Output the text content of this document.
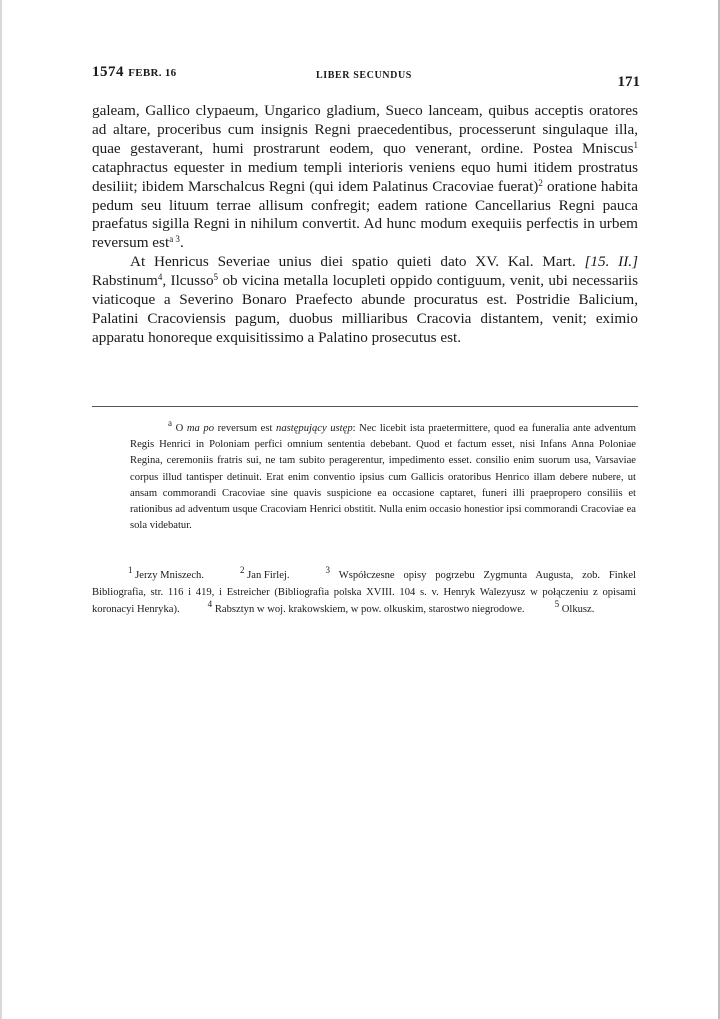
1574 FEBR. 16	LIBER SECUNDUS	171

galeam, Gallico clypaeum, Ungarico gladium, Sueco lanceam, quibus acceptis oratores ad altare, proceribus cum insignis Regni praecedentibus, processerunt singulaque illa, quae gestaverant, humi prostrarunt eodem, quo venerant, ordine. Postea Mniscus$^1$ cataphractus equester in medium templi interioris veniens equo humi itidem prostratus desiliit; ibidem Marschalcus Regni (qui idem Palatinus Cracoviae fuerat)$^2$ oratione habita pedum seu lituum terrae allisum confregit; eadem ratione Cancellarius Regni pauca praefatus sigilla Regni in nihilum convertit. Ad hunc modum exequiis perfectis in urbem reversum est$^{a 3}$.

At Henricus Severiae unius diei spatio quieti dato XV. Kal. Mart. [15. II.] Rabstinum$^4$, Ilcusso$^5$ ob vicina metalla locupleti oppido contiguum, venit, ubi necessariis viaticoque a Severino Bonaro Praefecto abunde procuratus est. Postridie Balicium, Palatini Cracoviensis pagum, duobus milliaribus Cracovia distantem, venit; eximio apparatu honoreque exquisitissimo a Palatino prosecutus est.

$^a$ O ma po reversum est następujący ustęp: Nec licebit ista praetermittere, quod ea funeralia ante adventum Regis Henrici in Poloniam perfici omnium sententia debebant. Quod et factum esset, nisi Infans Anna Poloniae Regina, ceremoniis fratris sui, ne tam subito peragerentur, impedimento esset. consilio enim suorum usa, Varsaviae corpus illud tantisper detinuit. Erat enim conventio ipsius cum Gallicis oratoribus Henrico illam debere nubere, ut ansam commorandi Cracoviae sine quavis suspicione ea occasione captaret, funeri illi praepropero consiliis et rationibus ad adventum usque Cracoviam Henrici obstitit. Nulla enim occasio honestior ipsi commorandi Cracoviae ea sola videbatur.

$^1$ Jerzy Mniszech.	$^2$ Jan Firlej.	$^3$ Współczesne opisy pogrzebu Zygmunta Augusta, zob. Finkel Bibliografia, str. 116 i 419, i Estreicher (Bibliografia polska XVIII. 104 s. v. Henryk Walezyusz w połączeniu z opisami koronacyi Henryka).	$^4$ Rabsztyn w woj. krakowskiem, w pow. olkuskim, starostwo niegrodowe.	$^5$ Olkusz.
